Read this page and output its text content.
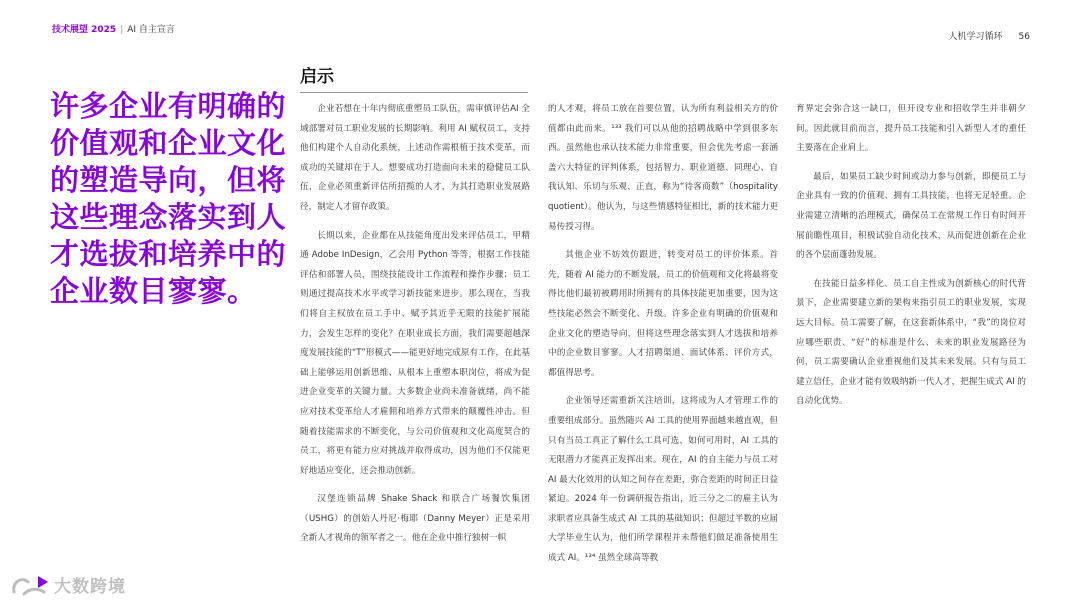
技术展望 2025 | AI 自主宣言
人机学习循环 56
许多企业有明确的价值观和企业文化的塑造导向，但将这些理念落实到人才选拔和培养中的企业数目寥寥。
启示

企业若想在十年内彻底重塑员工队伍，需审慎评估AI 全域部署对员工职业发展的长期影响。利用 AI 赋权员工，支持他们构建个人自动化系统，上述动作需根植于技术变革，而成功的关键却在于人。想要成功打造面向未来的稳健员工队伍，企业必须重新评估所招揽的人才，为其打造职业发展路径，制定人才留存政策。

长期以来，企业都在从技能角度出发来评估员工，甲精通 Adobe InDesign，乙会用 Python 等等，根据工作技能评估和部署人员，围绕技能设计工作流程和操作步骤；员工则通过提高技术水平或学习新技能来进步。那么现在，当我们将自主权放在员工手中、赋予其近乎无限的技能扩展能力，会发生怎样的变化？在职业成长方面，我们需要超越深度发展技能的“T”形模式——能更好地完成原有工作，在此基础上能够运用创新思维、从根本上重塑本职岗位，将成为促进企业变革的关键力量。大多数企业尚未准备就绪，尚不能应对技术变革给人才雇佣和培养方式带来的颠覆性冲击。但随着技能需求的不断变化，与公司价值观和文化高度契合的员工，将更有能力应对挑战并取得成功，因为他们不仅能更好地适应变化，还会推动创新。

汉堡连锁品牌 Shake Shack 和联合广场餐饮集团（USHG）的创始人丹尼·梅耶（Danny Meyer）正是采用全新人才视角的领军者之一。他在企业中推行独树一帜

的人才观，将员工放在首要位置，认为所有利益相关方的价值都由此而来。¹³³ 我们可以从他的招聘战略中学到很多东西。虽然他也承认技术能力非常重要，但会优先考虑一套涵盖六大特征的评判体系，包括智力、职业道德、同理心、自我认知、乐切与乐观、正直，称为“待客商数”（hospitality quotient）。他认为，与这些情感特征相比，新的技术能力更易传授习得。

其他企业不妨效仿跟进，转变对员工的评价体系。首先，随着 AI 能力的不断发展，员工的价值观和文化将最将变得比他们最初被聘用时所拥有的具体技能更加重要，因为这些技能必然会不断变化、升级。许多企业有明确的价值观和企业文化的塑造导向，但将这些理念落实到人才选拔和培养中的企业数目寥寥。人才招聘渠道、面试体系、评价方式，都值得思考。

企业领导还需重新关注培训，这将成为人才管理工作的重要组成部分。虽然随兴 AI 工具的使用界面越来越直观，但只有当员工真正了解什么工具可选、如何可用时，AI 工具的无限潜力才能真正发挥出来。现在，AI 的自主能力与员工对 AI 最大化效用的认知之间存在差距，弥合差距的时间正日益紧迫。2024 年一份调研报告指出，近三分之二的雇主认为求职者应具备生成式 AI 工具的基础知识；但超过半数的应届大学毕业生认为，他们所学课程并未帮他们做足准备使用生成式 AI。¹³⁴ 虽然全球高等教

育界定会弥合这一缺口，但开设专业和招收学生并非朝夕间。因此就目前而言，提升员工技能和引入新型人才的重任主要落在企业肩上。

最后，如果员工缺少时间或动力参与创新，即便员工与企业具有一致的价值观、拥有工具技能，也将无足轻重。企业需建立清晰的治理模式，确保员工在常规工作日有时间开展前瞻性项目，积极试验自动化技术，从而促进创新在企业的各个层面蓬勃发展。

在技能日益多样化、员工自主性成为创新核心的时代背景下，企业需要建立新的架构来指引员工的职业发展，实现远大目标。员工需要了解，在这套新体系中，“我”的岗位对应哪些职责、“好”的标准是什么、未来的职业发展路径为何，员工需要确认企业重视他们及其未来发展。只有与员工建立信任，企业才能有效吸纳新一代人才，把握生成式 AI 的自动化优势。

大数跨境
